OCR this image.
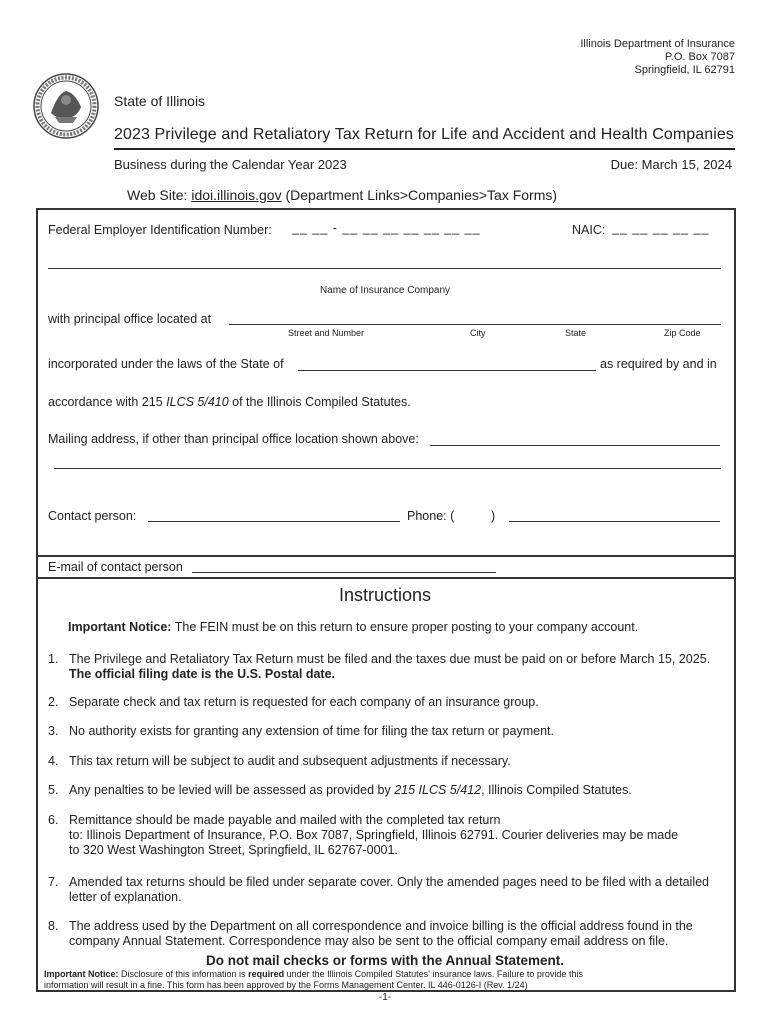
Illinois Department of Insurance
P.O. Box 7087
Springfield, IL 62791
State of Illinois
2023 Privilege and Retaliatory Tax Return for Life and Accident and Health Companies
Business during the Calendar Year 2023	Due: March 15, 2024
Web Site: idoi.illinois.gov (Department Links>Companies>Tax Forms)
Federal Employer Identification Number: __ __ - __ __ __ __ __ __ __	NAIC: __ __ __ __ __
Name of Insurance Company
with principal office located at
Street and Number	City	State	Zip Code
incorporated under the laws of the State of	as required by and in
accordance with 215 ILCS 5/410 of the Illinois Compiled Statutes.
Mailing address, if other than principal office location shown above:
Contact person:	Phone: (	)
E-mail of contact person
Instructions
Important Notice: The FEIN must be on this return to ensure proper posting to your company account.
1. The Privilege and Retaliatory Tax Return must be filed and the taxes due must be paid on or before March 15, 2025.
The official filing date is the U.S. Postal date.
2. Separate check and tax return is requested for each company of an insurance group.
3. No authority exists for granting any extension of time for filing the tax return or payment.
4. This tax return will be subject to audit and subsequent adjustments if necessary.
5. Any penalties to be levied will be assessed as provided by 215 ILCS 5/412, Illinois Compiled Statutes.
6. Remittance should be made payable and mailed with the completed tax return
to: Illinois Department of Insurance, P.O. Box 7087, Springfield, Illinois 62791. Courier deliveries may be made
to 320 West Washington Street, Springfield, IL 62767-0001.
7. Amended tax returns should be filed under separate cover. Only the amended pages need to be filed with a detailed
letter of explanation.
8. The address used by the Department on all correspondence and invoice billing is the official address found in the
company Annual Statement. Correspondence may also be sent to the official company email address on file.
Do not mail checks or forms with the Annual Statement.
Important Notice: Disclosure of this information is required under the Illinois Compiled Statutes' insurance laws. Failure to provide this
information will result in a fine. This form has been approved by the Forms Management Center. IL 446-0126-I (Rev. 1/24)
-1-
